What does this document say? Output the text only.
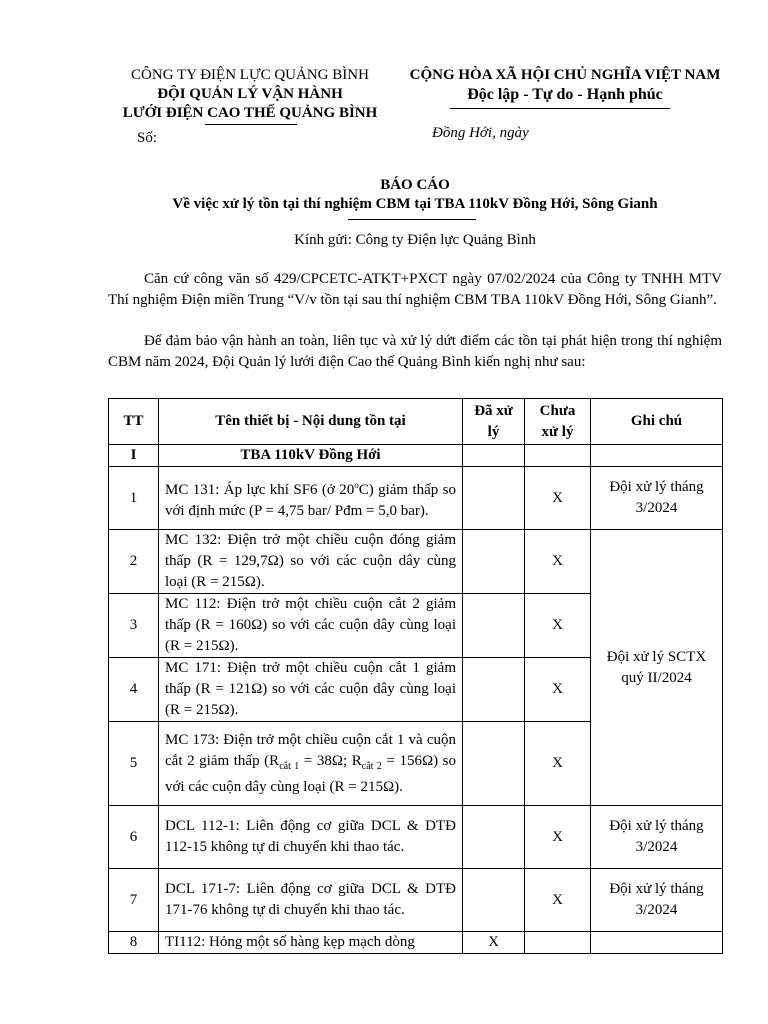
CÔNG TY ĐIỆN LỰC QUẢNG BÌNH
ĐỘI QUẢN LÝ VẬN HÀNH
LƯỚI ĐIỆN CAO THẾ QUẢNG BÌNH
Số:
CỘNG HÒA XÃ HỘI CHỦ NGHĨA VIỆT NAM
Độc lập - Tự do - Hạnh phúc
Đồng Hới, ngày
BÁO CÁO
Về việc xử lý tồn tại thí nghiệm CBM tại TBA 110kV Đồng Hới, Sông Gianh
Kính gửi: Công ty Điện lực Quảng Bình
Căn cứ công văn số 429/CPCETC-ATKT+PXCT ngày 07/02/2024 của Công ty TNHH MTV Thí nghiệm Điện miền Trung “V/v tồn tại sau thí nghiệm CBM TBA 110kV Đồng Hới, Sông Gianh”.
Để đảm bảo vận hành an toàn, liên tục và xử lý dứt điểm các tồn tại phát hiện trong thí nghiệm CBM năm 2024, Đội Quản lý lưới điện Cao thế Quảng Bình kiến nghị như sau:
TT	Tên thiết bị - Nội dung tồn tại	Đã xử lý	Chưa xử lý	Ghi chú
I	TBA 110kV Đồng Hới			
1	MC 131: Áp lực khí SF6 (ở 20$^o$C) giảm thấp so với định mức (P = 4,75 bar/ Pđm = 5,0 bar).		X	Đội xử lý tháng 3/2024
2	MC 132: Điện trở một chiều cuộn đóng giảm thấp (R = 129,7Ω) so với các cuộn dây cùng loại (R = 215Ω).		X	Đội xử lý SCTX quý II/2024
3	MC 112: Điện trở một chiều cuộn cắt 2 giảm thấp (R = 160Ω) so với các cuộn dây cùng loại (R = 215Ω).		X	
4	MC 171: Điện trở một chiều cuộn cắt 1 giảm thấp (R = 121Ω) so với các cuộn dây cùng loại (R = 215Ω).		X	
5	MC 173: Điện trở một chiều cuộn cắt 1 và cuộn cắt 2 giảm thấp ($R_{cắt 1} = 38\Omega$; $R_{cắt 2} = 156\Omega$) so với các cuộn dây cùng loại (R = 215Ω).		X	
6	DCL 112-1: Liên động cơ giữa DCL & DTĐ 112-15 không tự di chuyển khi thao tác.		X	Đội xử lý tháng 3/2024
7	DCL 171-7: Liên động cơ giữa DCL & DTĐ 171-76 không tự di chuyển khi thao tác.		X	Đội xử lý tháng 3/2024
8	TI112: Hỏng một số hàng kẹp mạch dòng	X		
